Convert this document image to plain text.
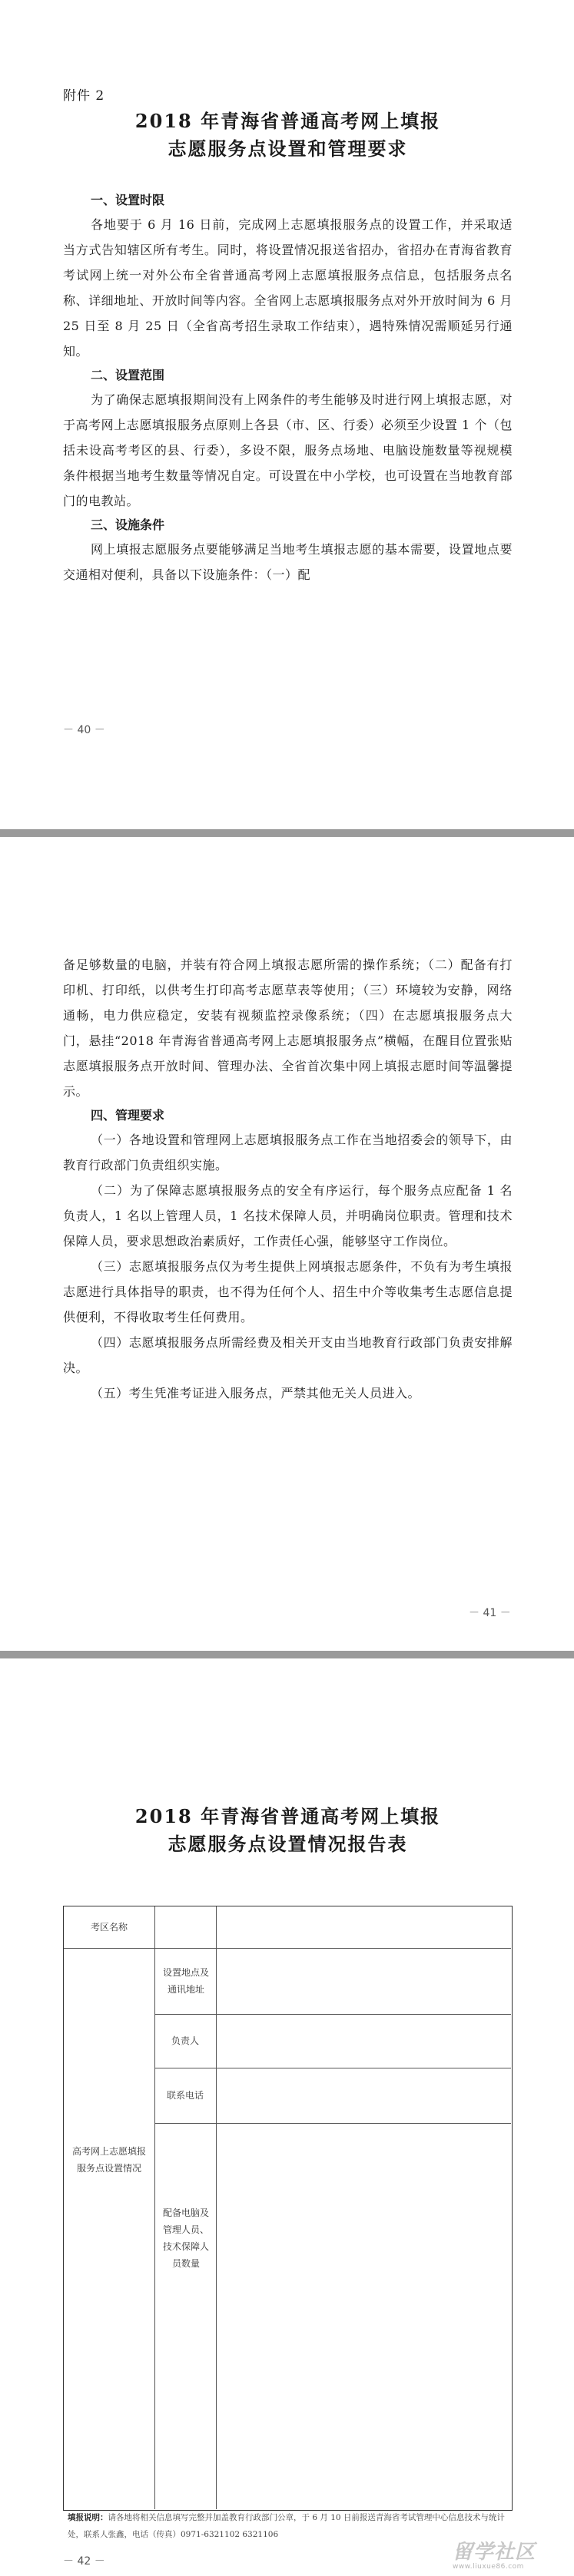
附件 2
2018 年青海省普通高考网上填报
志愿服务点设置和管理要求
一、设置时限

各地要于 6 月 16 日前，完成网上志愿填报服务点的设置工作，并采取适当方式告知辖区所有考生。同时，将设置情况报送省招办，省招办在青海省教育考试网上统一对外公布全省普通高考网上志愿填报服务点信息，包括服务点名称、详细地址、开放时间等内容。全省网上志愿填报服务点对外开放时间为 6 月 25 日至 8 月 25 日（全省高考招生录取工作结束），遇特殊情况需顺延另行通知。

二、设置范围

为了确保志愿填报期间没有上网条件的考生能够及时进行网上填报志愿，对于高考网上志愿填报服务点原则上各县（市、区、行委）必须至少设置 1 个（包括未设高考考区的县、行委），多设不限，服务点场地、电脑设施数量等视规模条件根据当地考生数量等情况自定。可设置在中小学校，也可设置在当地教育部门的电教站。

三、设施条件

网上填报志愿服务点要能够满足当地考生填报志愿的基本需要，设置地点要交通相对便利，具备以下设施条件：（一）配

－ 40 －

备足够数量的电脑，并装有符合网上填报志愿所需的操作系统；（二）配备有打印机、打印纸，以供考生打印高考志愿草表等使用；（三）环境较为安静，网络通畅，电力供应稳定，安装有视频监控录像系统；（四）在志愿填报服务点大门，悬挂“2018 年青海省普通高考网上志愿填报服务点”横幅，在醒目位置张贴志愿填报服务点开放时间、管理办法、全省首次集中网上填报志愿时间等温馨提示。

四、管理要求

（一）各地设置和管理网上志愿填报服务点工作在当地招委会的领导下，由教育行政部门负责组织实施。

（二）为了保障志愿填报服务点的安全有序运行，每个服务点应配备 1 名负责人，1 名以上管理人员，1 名技术保障人员，并明确岗位职责。管理和技术保障人员，要求思想政治素质好，工作责任心强，能够坚守工作岗位。

（三）志愿填报服务点仅为考生提供上网填报志愿条件，不负有为考生填报志愿进行具体指导的职责，也不得为任何个人、招生中介等收集考生志愿信息提供便利，不得收取考生任何费用。

（四）志愿填报服务点所需经费及相关开支由当地教育行政部门负责安排解决。

（五）考生凭准考证进入服务点，严禁其他无关人员进入。

－ 41 －
2018 年青海省普通高考网上填报
志愿服务点设置情况报告表
考区名称
高考网上志愿填报服务点设置情况
设置地点及通讯地址
负责人
联系电话
配备电脑及管理人员、技术保障人员数量
填报说明：请各地将相关信息填写完整并加盖教育行政部门公章，于 6 月 10 日前报送青海省考试管理中心信息技术与统计处，联系人张鑫，电话（传真）0971-6321102 6321106
－ 42 －	留学社区
www.liuxue86.com
